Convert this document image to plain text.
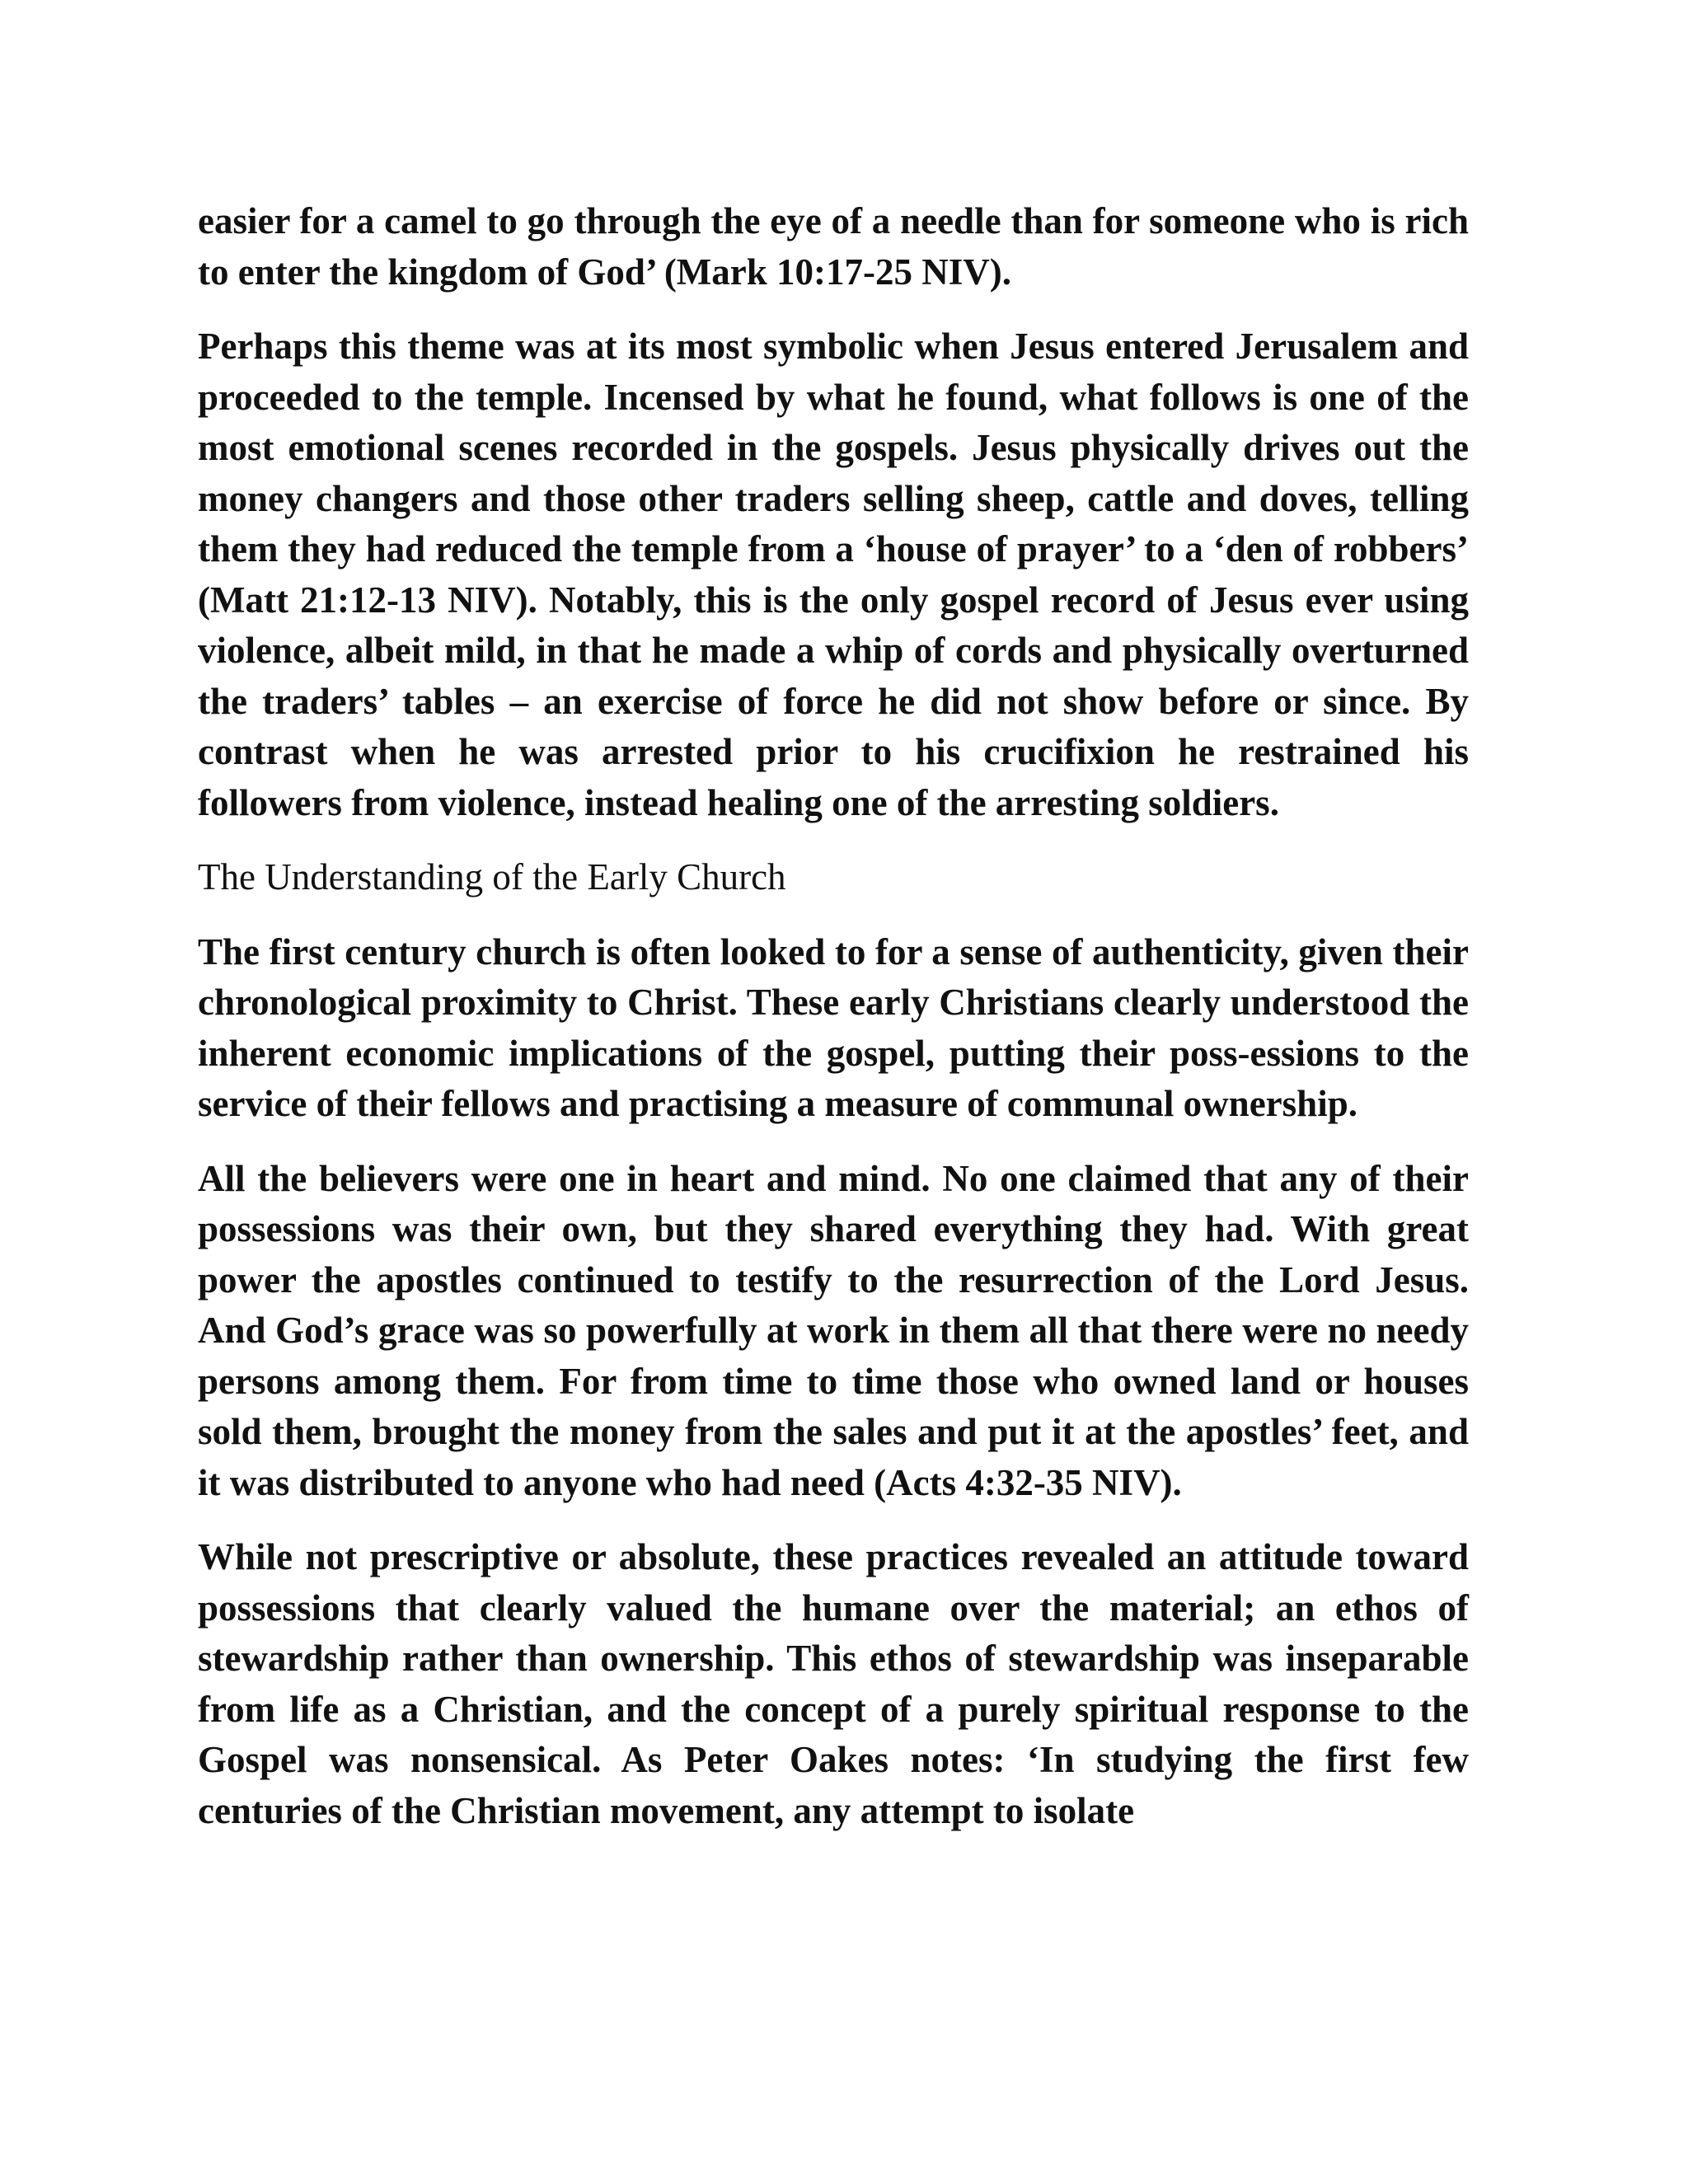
easier for a camel to go through the eye of a needle than for someone who is rich to enter the kingdom of God’ (Mark 10:17-25 NIV).

Perhaps this theme was at its most symbolic when Jesus entered Jerusalem and proceeded to the temple. Incensed by what he found, what follows is one of the most emotional scenes recorded in the gospels. Jesus physically drives out the money changers and those other traders selling sheep, cattle and doves, telling them they had reduced the temple from a ‘house of prayer’ to a ‘den of robbers’ (Matt 21:12-13 NIV). Notably, this is the only gospel record of Jesus ever using violence, albeit mild, in that he made a whip of cords and physically overturned the traders’ tables – an exercise of force he did not show before or since. By contrast when he was arrested prior to his crucifixion he restrained his followers from violence, instead healing one of the arresting soldiers.

The Understanding of the Early Church

The first century church is often looked to for a sense of authenticity, given their chronological proximity to Christ. These early Christians clearly understood the inherent economic implications of the gospel, putting their poss-essions to the service of their fellows and practising a measure of communal ownership.

All the believers were one in heart and mind. No one claimed that any of their possessions was their own, but they shared everything they had. With great power the apostles continued to testify to the resurrection of the Lord Jesus. And God’s grace was so powerfully at work in them all that there were no needy persons among them. For from time to time those who owned land or houses sold them, brought the money from the sales and put it at the apostles’ feet, and it was distributed to anyone who had need (Acts 4:32-35 NIV).

While not prescriptive or absolute, these practices revealed an attitude toward possessions that clearly valued the humane over the material; an ethos of stewardship rather than ownership. This ethos of stewardship was inseparable from life as a Christian, and the concept of a purely spiritual response to the Gospel was nonsensical. As Peter Oakes notes: ‘In studying the first few centuries of the Christian movement, any attempt to isolate
